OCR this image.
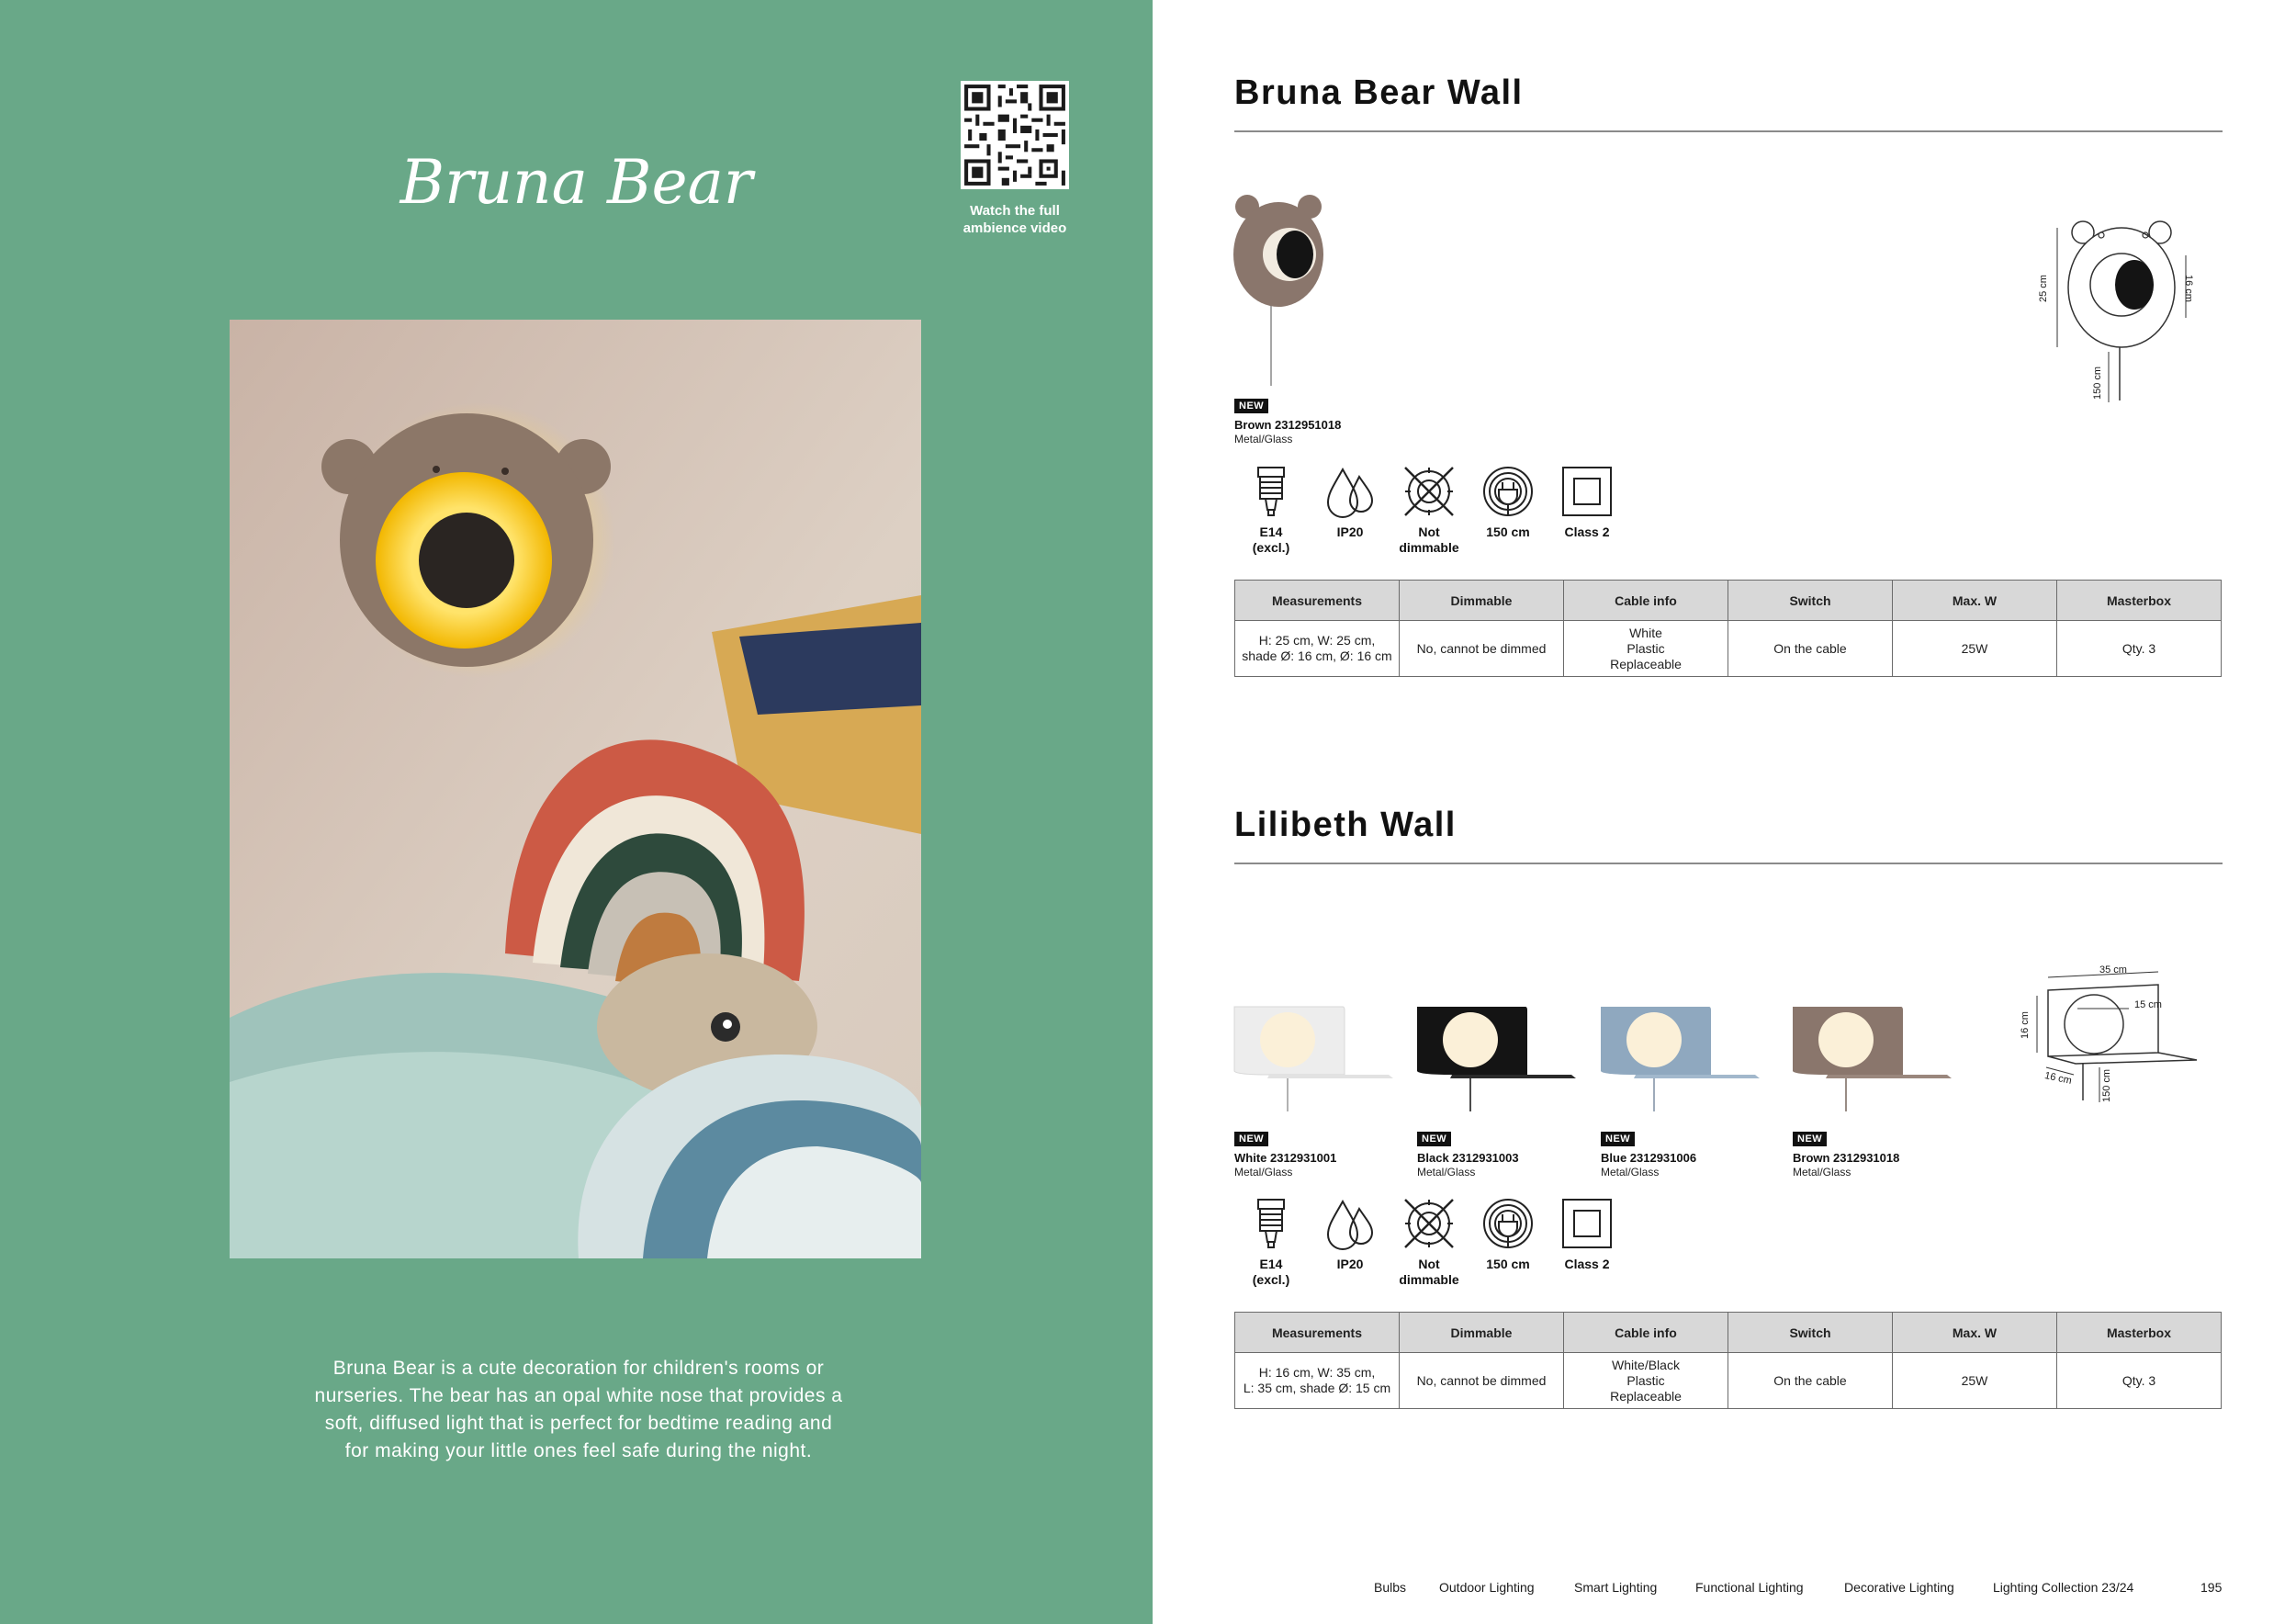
Bruna Bear	Watch the full ambience video
Bruna Bear is a cute decoration for children's rooms or nurseries. The bear has an opal white nose that provides a soft, diffused light that is perfect for bedtime reading and for making your little ones feel safe during the night.
Bruna Bear Wall
NEW
Brown 2312951018
Metal/Glass
25 cm	16 cm
150 cm
E14
(excl.)
IP20	Not
dimmable
150 cm	Class 2
Measurements	Dimmable	Cable info	Switch	Max. W	Masterbox
H: 25 cm, W: 25 cm,
shade Ø: 16 cm, Ø: 16 cm	No, cannot be dimmed	White
Plastic
Replaceable	On the cable	25W	Qty. 3
Lilibeth Wall
NEW
White 2312931001
Metal/Glass
NEW
Black 2312931003
Metal/Glass
NEW
Blue 2312931006
Metal/Glass
NEW
Brown 2312931018
Metal/Glass
35 cm
15 cm
16 cm
16 cm	150 cm
E14
(excl.)
IP20	Not
dimmable
150 cm	Class 2
Measurements	Dimmable	Cable info	Switch	Max. W	Masterbox
H: 16 cm, W: 35 cm,
L: 35 cm, shade Ø: 15 cm	No, cannot be dimmed	White/Black
Plastic
Replaceable	On the cable	25W	Qty. 3
Bulbs	Outdoor Lighting	Smart Lighting	Functional Lighting	Decorative Lighting	Lighting Collection 23/24	195
